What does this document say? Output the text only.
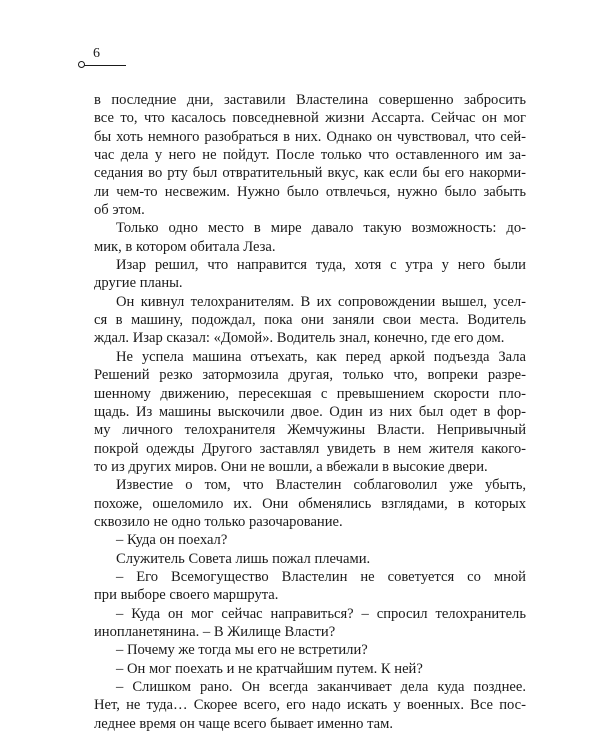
6
в последние дни, заставили Властелина совершенно забросить
все то, что касалось повседневной жизни Ассарта. Сейчас он мог
бы хоть немного разобраться в них. Однако он чувствовал, что сей-
час дела у него не пойдут. После только что оставленного им за-
седания во рту был отвратительный вкус, как если бы его накорми-
ли чем-то несвежим. Нужно было отвлечься, нужно было забыть
об этом.
Только одно место в мире давало такую возможность: до-
мик, в котором обитала Леза.
Изар решил, что направится туда, хотя с утра у него были
другие планы.
Он кивнул телохранителям. В их сопровождении вышел, усел-
ся в машину, подождал, пока они заняли свои места. Водитель
ждал. Изар сказал: «Домой». Водитель знал, конечно, где его дом.
Не успела машина отъехать, как перед аркой подъезда Зала
Решений резко затормозила другая, только что, вопреки разре-
шенному движению, пересекшая с превышением скорости пло-
щадь. Из машины выскочили двое. Один из них был одет в фор-
му личного телохранителя Жемчужины Власти. Непривычный
покрой одежды Другого заставлял увидеть в нем жителя какого-
то из других миров. Они не вошли, а вбежали в высокие двери.
Известие о том, что Властелин соблаговолил уже убыть,
похоже, ошеломило их. Они обменялись взглядами, в которых
сквозило не одно только разочарование.
– Куда он поехал?
Служитель Совета лишь пожал плечами.
– Его Всемогущество Властелин не советуется со мной
при выборе своего маршрута.
– Куда он мог сейчас направиться? – спросил телохранитель
инопланетянина. – В Жилище Власти?
– Почему же тогда мы его не встретили?
– Он мог поехать и не кратчайшим путем. К ней?
– Слишком рано. Он всегда заканчивает дела куда позднее.
Нет, не туда… Скорее всего, его надо искать у военных. Все пос-
леднее время он чаще всего бывает именно там.
